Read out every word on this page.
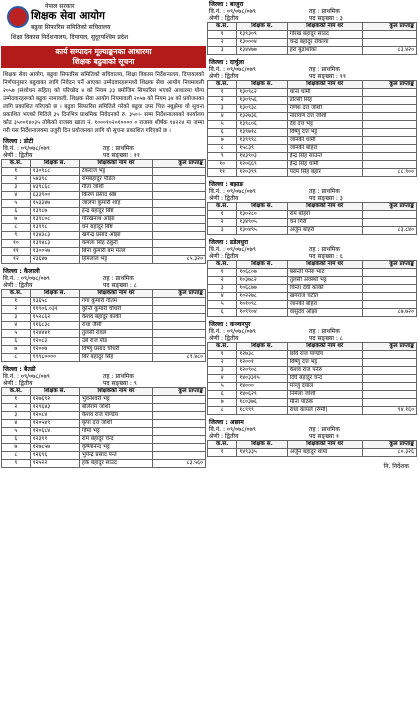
नेपाल सरकार
शिक्षक सेवा आयोग
बढुवा सिफारिस समितिको सचिवालय
शिक्षा विकास निर्देशनालय, दिपायल, सुदूरपश्चिम प्रदेश
कार्य सम्पादन मूल्याङ्कनका आधारमा
शिक्षक बढुवाको सूचना
शिक्षक सेवा आयोग, बढुवा सिफारिस समितिको सचिवालय, शिक्षा विकास निर्देशनालय, दिपायलको निर्णयानुसार बढुवाका लागि निवेदन पर्ने आएका उम्मेदवारहरूमध्ये शिक्षक सेवा आयोग नियमावली २०५७ (संशोधन सहित) को परिच्छेद ४ को नियम ३३ बमोजिम सिफारिस भएको आधारमा योग्य उम्मेदवारहरूको बढुवा नामावली, शिक्षक सेवा आयोग नियमावली २०५७ को नियम ३४ को प्रयोजनका लागि प्रकाशित गरिएको छ । बढुवा सिफारिस समितिले गरेको बढुवा उपर चित्त नबुझेमा यो सूचना प्रकाशित भएको मितिले ३५ दिनभित्र प्राथमिक निवेदनको रु. ३५०।- सम्म निर्देशनालयको कार्यालय कोड ३५००१४०३५ तोकेको राजस्व खाता नं. १०००१०२०१०००० ० राजस्व शीर्षक १४२२४ मा जम्मा गरी यस निर्देशनालयमा उजुरी दिन प्रयोजनका लागि यो सूचना प्रकाशित गरिएको छ ।
जिल्ला : डोटी
वि.नं. : ०९/०७८/०७९	तह : प्राथमिक
श्रेणी : द्वितीय	पद सङ्ख्या : ११
क.सं.	शिक्षक सं.	शिक्षकको नाम थर	कुल प्राप्ताङ्क
१	१३०९८८	टेकराज भट्ट	
२	५४३९८	रामबहादुर पौडेल	
३	४३९८६८	गीता जोशी	
४	६३३९००	किरण प्रसाद श्रेष्ठ	
५	१५३३४७	जालपा कुमारी शाह	
६	१३९८७	इन्द्र बहादुर बिष्ट	
७	१३९८०८	गोरखनाथ ओझा	
८	१३९९८	धन बहादुर बिष्ट	
९	१३४३८३	खगेन्द्र प्रसाद ओझा	
१०	१३९४८३	कमला सिंह ठकुरी	
११	१३००५७	बिना कुमारी बम मल्ल	
१२	२३६४७	हिमलाल भट्ट	८५.३२०
जिल्ला : कैलाली
वि.नं. : ०९/०७८/०७९	तह : प्राथमिक
श्रेणी : द्वितीय	पद सङ्ख्या : ८
क.सं.	शिक्षक सं.	शिक्षकको नाम थर	कुल प्राप्ताङ्क
१	१३६५८	गंगा कुमारी गौतम	
२	११९०६.०३१	कुन्ति कुमारी चौधरी	
३	१५२८६२	केशव बहादुर कार्की	
४	११६८३८	राधा जैसी	
५	१२४४४१	तुलसी रावल	
६	१२०८३	उर्ब राज पौड	
७	१२००७	विष्णु प्रसाद चौधरी	
८	१९९८००००	बिर बहादुर सिंह	८९.४८०
जिल्ला : बैतडी
वि.नं. : ०९/०७८/०७९	तह : प्राथमिक
श्रेणी : द्वितीय	पद सङ्ख्या : ९
क.सं.	शिक्षक सं.	शिक्षकको नाम थर	कुल प्राप्ताङ्क
१	१२७६९२	भुवनेश्वरी भट्ट	
२	१२९६४३	बलिराम जोशी	
३	१२०८४	केशव राज पाण्डेय	
४	१२०५४९	कृपा दत्त जोशी	
५	१२०६८४	गोमा भट्ट	
६	१२३९९	राम बहादुर चन्द	
७	१२७८५७	कृष्णानन्द भट्ट	
८	१२६९६	भुपेन्द्र प्रसाद पन्त	
९	१२५२२	हर्क बहादुर साउद	८३.५६०
जिल्ला : बाजुरा
वि.नं. : ०९/०७८/०७९	तह : प्राथमिक
श्रेणी : द्वितीय	पद सङ्ख्या : ३
क.सं.	शिक्षक सं.	शिक्षकको नाम थर	कुल प्राप्ताङ्क
१	१३९३०९	गोरख बहादुर साउद	
२	१३०००४	चन्द्र बहादुर रोकाया	
३	१३४४७७	हरा बुढाथोका	८३.४२०
जिल्ला : दार्चुला
वि.नं. : ०९/०७८/०७९	तह : प्राथमिक
श्रेणी : द्वितीय	पद सङ्ख्या : ११
क.सं.	शिक्षक सं.	शिक्षकको नाम थर	कुल प्राप्ताङ्क
१	१३०९८२	धाना धामी	
२	१३०९५६	डोल्सी सिंह	
३	१३०९३८	गणेश दत्त जोशी	
४	१३२७३६	नारायण दत्त जोशी	
५	१३९८०६	देव दत्त भट्ट	
६	१३९७१८	विष्णु दत्त भट्ट	
७	१३९९९८	जानकी धामी	
८	१५८३९	जानकी बोहरा	
९	१४३९०३	ईन्द्र सिंह साउन्त	
१०	१२०६६९	ईन्द्र सिंह धामी	
११	१२०३९९	पदम सिंह बहार	८८.९००
जिल्ला : बझाङ
वि.नं. : ०९/०७८/०७९	तह : प्राथमिक
श्रेणी : द्वितीय	पद सङ्ख्या : ३
क.सं.	शिक्षक सं.	शिक्षकको नाम थर	कुल प्राप्ताङ्क
१	१३०२८०	राम बोहरा	
२	१३४९०५	चन गिरी	
३	१३०४९५	अर्जुन बोहरा	८३.८४०
जिल्ला : डडेलधुरा
वि.नं. : ०९/०७८/०७९	तह : प्राथमिक
श्रेणी : द्वितीय	पद सङ्ख्या : ६
क.सं.	शिक्षक सं.	शिक्षकको नाम थर	कुल प्राप्ताङ्क
१	१०६८०७	बसन्ती पनेरु भाट	
२	१०३७८२	तुलसी अवस्थी भट्ट	
३	१०६८७७	चिन्ता देवी कार्की	
४	१०२२७८	खगराज चटौत	
५	१०१०९८	जानकी बोहरा	
६	१०९९०४	वासुदेव ओझा	८७.७२०
जिल्ला : कञ्चनपुर
वि.नं. : ०९/०७८/०७९	तह : प्राथमिक
श्रेणी : द्वितीय	पद सङ्ख्या : ८
क.सं.	शिक्षक सं.	शिक्षकको नाम थर	कुल प्राप्ताङ्क
१	१२७३८	छवि राज पाण्डेय	
२	१२००१	विष्णु दत्त भट्ट	
३	१२०९०८	केशव राज पनेरु	
४	१४०३३१५	दिर्घ बहादुर चन्द	
५	१४०००	मञ्जु दयाल	
६	१४०६२९	निर्मला जोशी	
७	१८०३७६	मीना पाठक	
८	१८९९९	राधा कापले (रेग्मी)	९४.१६०
जिल्ला : अछाम
वि.नं. : ०९/०७८/०७९	तह : प्राथमिक
श्रेणी : द्वितीय	पद सङ्ख्या १
क.सं.	शिक्षक सं.	शिक्षकको नाम थर	कुल प्राप्ताङ्क
१	१४९३३५	अर्जुन बहादुर थापा	८०.३२६
नि. निर्देशक
